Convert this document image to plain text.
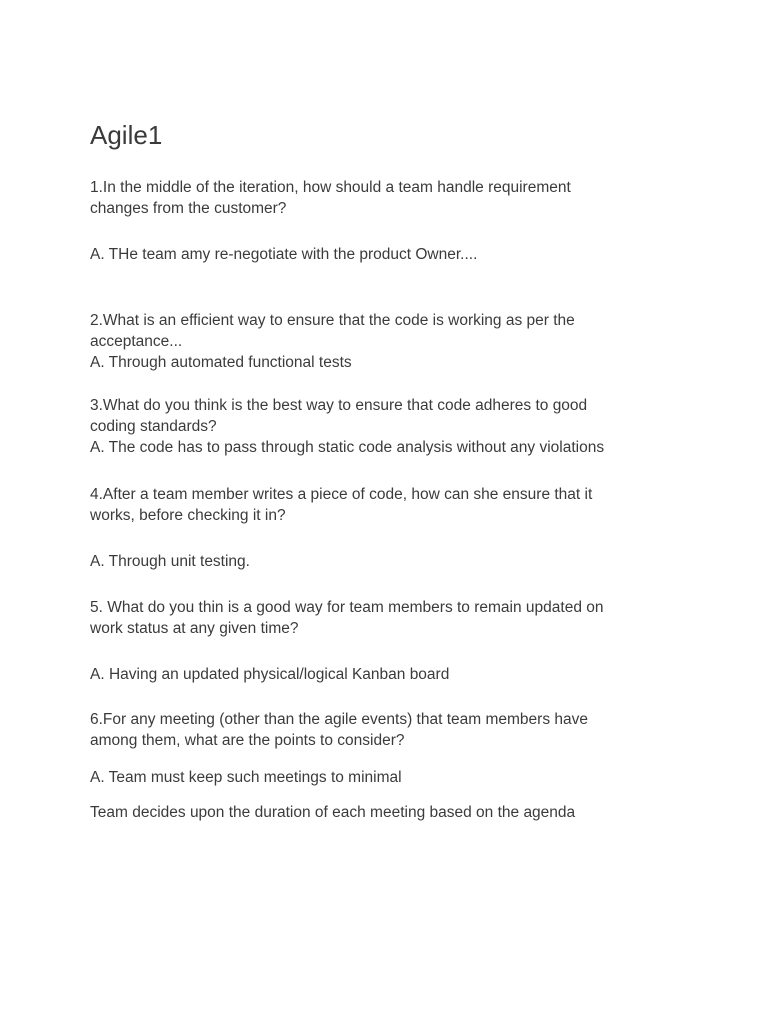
Agile1
1.In the middle of the iteration, how should a team handle requirement
changes from the customer?
A. THe team amy re-negotiate with the product Owner....
2.What is an efficient way to ensure that the code is working as per the
acceptance...
A. Through automated functional tests
3.What do you think is the best way to ensure that code adheres to good
coding standards?
A. The code has to pass through static code analysis without any violations
4.After a team member writes a piece of code, how can she ensure that it
works, before checking it in?
A. Through unit testing.
5. What do you thin is a good way for team members to remain updated on
work status at any given time?
A. Having an updated physical/logical Kanban board
6.For any meeting (other than the agile events) that team members have
among them, what are the points to consider?
A. Team must keep such meetings to minimal
Team decides upon the duration of each meeting based on the agenda
